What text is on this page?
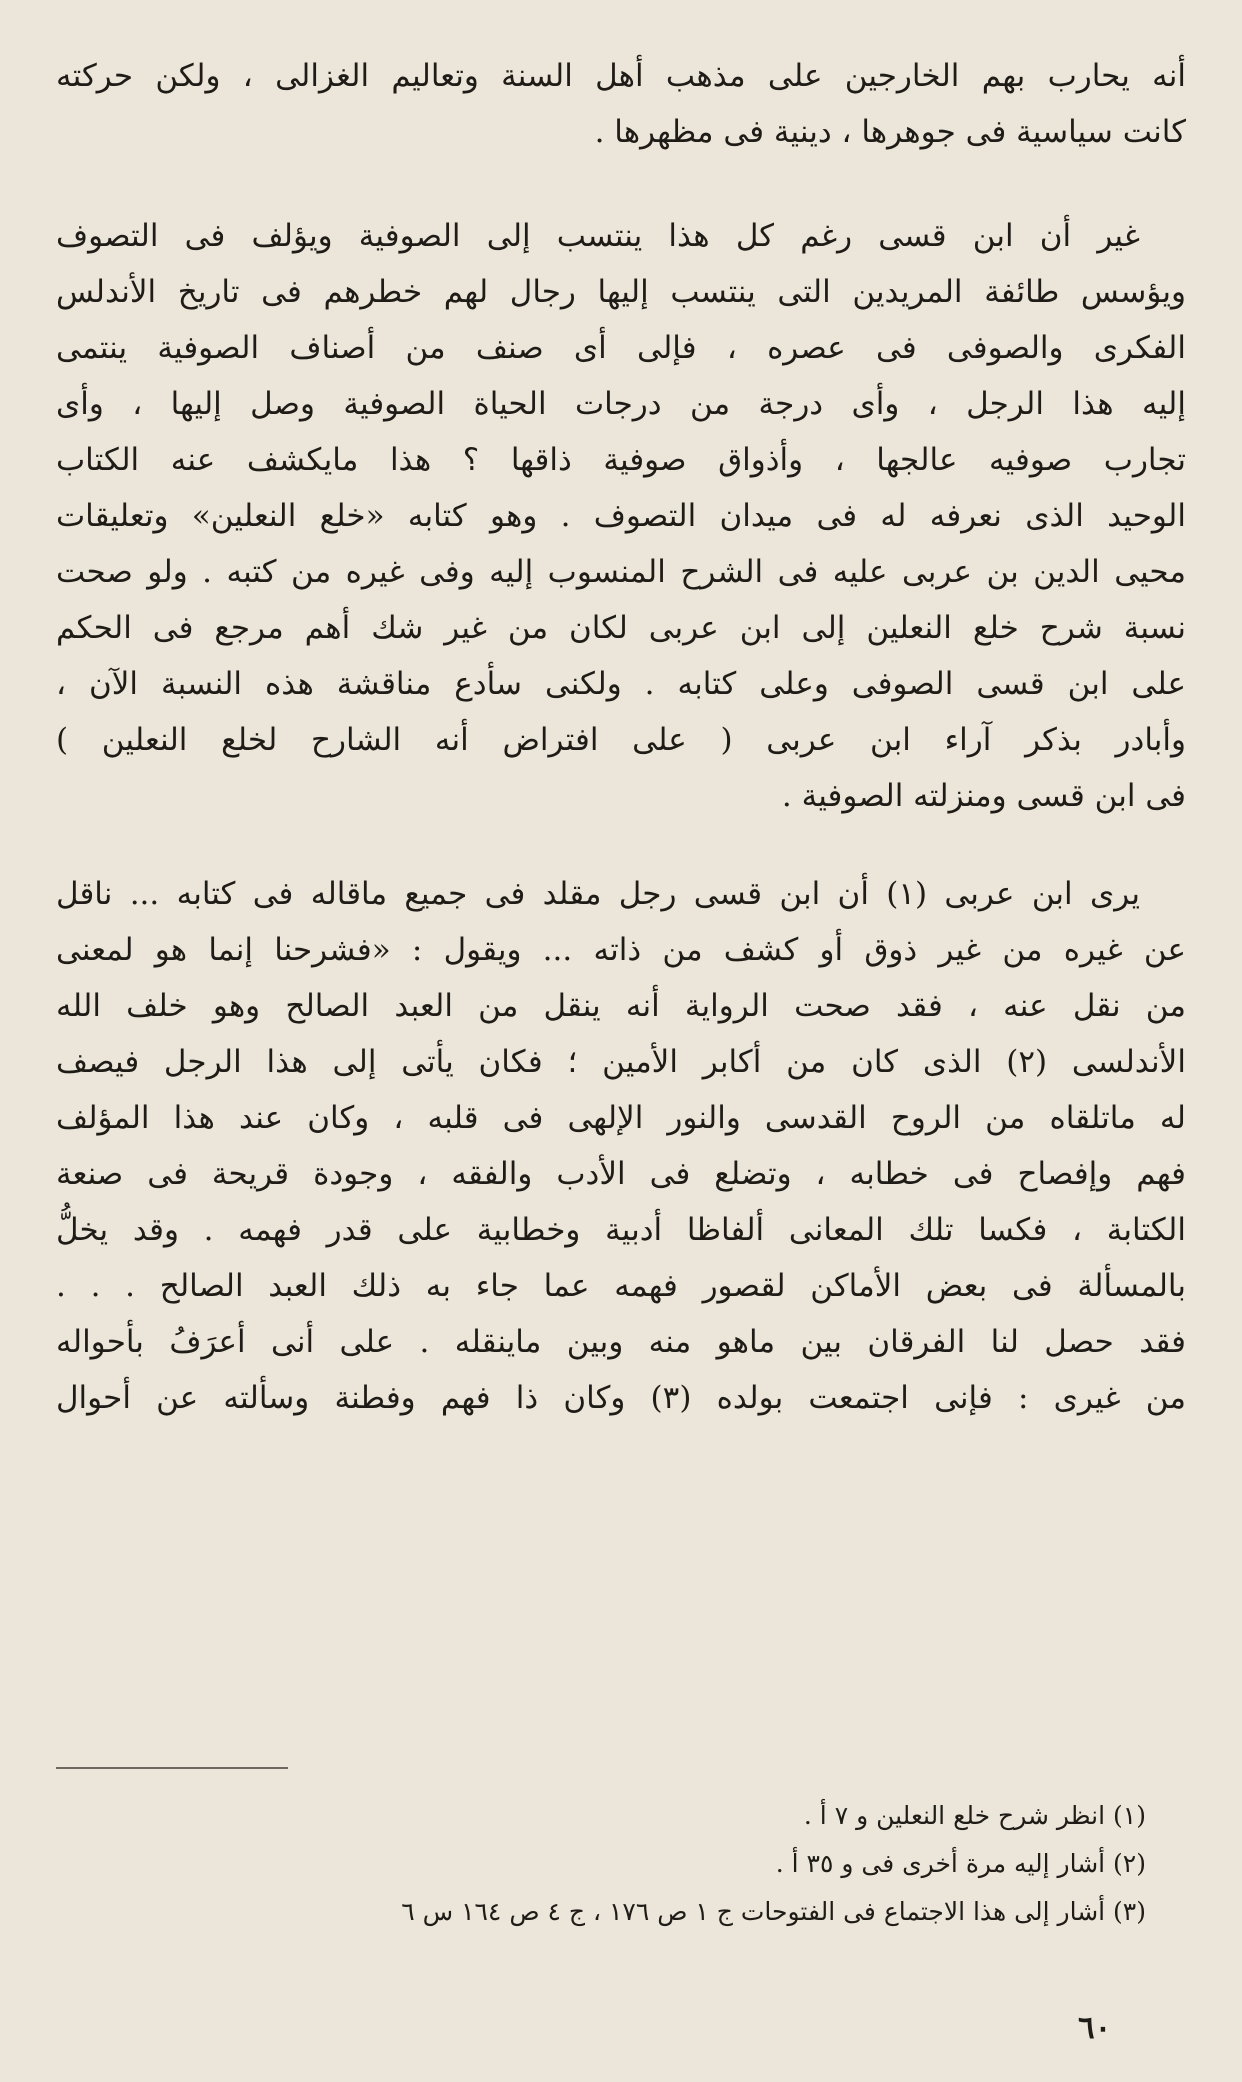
أنه يحارب بهم الخارجين على مذهب أهل السنة وتعاليم الغزالى ، ولكن حركته
كانت سياسية فى جوهرها ، دينية فى مظهرها .

غير أن ابن قسى رغم كل هذا ينتسب إلى الصوفية ويؤلف فى التصوف
ويؤسس طائفة المريدين التى ينتسب إليها رجال لهم خطرهم فى تاريخ الأندلس
الفكرى والصوفى فى عصره ، فإلى أى صنف من أصناف الصوفية ينتمى
إليه هذا الرجل ، وأى درجة من درجات الحياة الصوفية وصل إليها ، وأى
تجارب صوفيه عالجها ، وأذواق صوفية ذاقها ؟ هذا مايكشف عنه الكتاب
الوحيد الذى نعرفه له فى ميدان التصوف . وهو كتابه «خلع النعلين» وتعليقات
محيى الدين بن عربى عليه فى الشرح المنسوب إليه وفى غيره من كتبه . ولو صحت
نسبة شرح خلع النعلين إلى ابن عربى لكان من غير شك أهم مرجع فى الحكم
على ابن قسى الصوفى وعلى كتابه . ولكنى سأدع مناقشة هذه النسبة الآن ،
وأبادر بذكر آراء ابن عربى ( على افتراض أنه الشارح لخلع النعلين )
فى ابن قسى ومنزلته الصوفية .

يرى ابن عربى (١) أن ابن قسى رجل مقلد فى جميع ماقاله فى كتابه ... ناقل
عن غيره من غير ذوق أو كشف من ذاته ... ويقول : «فشرحنا إنما هو لمعنى
من نقل عنه ، فقد صحت الرواية أنه ينقل من العبد الصالح وهو خلف الله
الأندلسى (٢) الذى كان من أكابر الأمين ؛ فكان يأتى إلى هذا الرجل فيصف
له ماتلقاه من الروح القدسى والنور الإلهى فى قلبه ، وكان عند هذا المؤلف
فهم وإفصاح فى خطابه ، وتضلع فى الأدب والفقه ، وجودة قريحة فى صنعة
الكتابة ، فكسا تلك المعانى ألفاظا أدبية وخطابية على قدر فهمه . وقد يخلُّ
بالمسألة فى بعض الأماكن لقصور فهمه عما جاء به ذلك العبد الصالح . . .
فقد حصل لنا الفرقان بين ماهو منه وبين ماينقله . على أنى أعرَفُ بأحواله
من غيرى : فإنى اجتمعت بولده (٣) وكان ذا فهم وفطنة وسألته عن أحوال

(١) انظر شرح خلع النعلين و ٧ أ .
(٢) أشار إليه مرة أخرى فى و ٣٥ أ .
(٣) أشار إلى هذا الاجتماع فى الفتوحات ج ١ ص ١٧٦ ، ج ٤ ص ١٦٤ س ٦
٦٠
